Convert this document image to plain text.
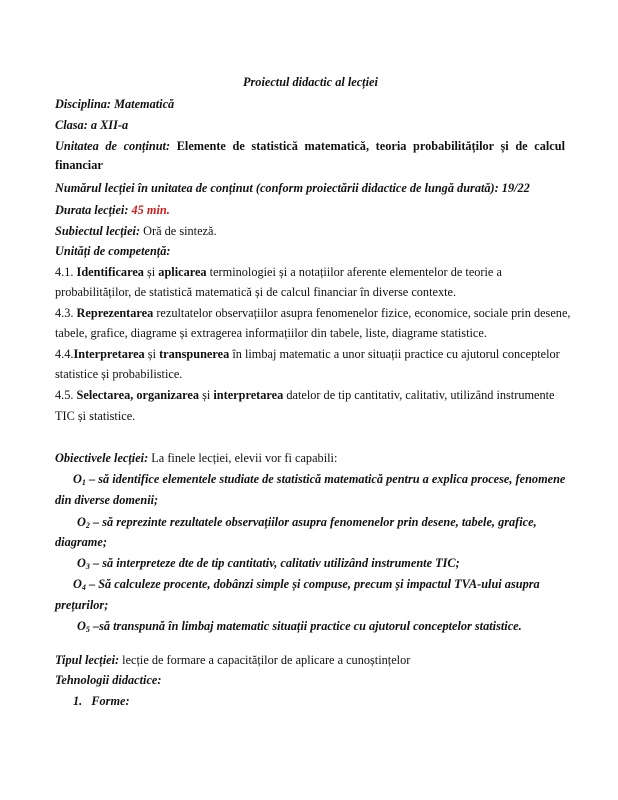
Proiectul didactic al lecției
Disciplina: Matematică
Clasa: a XII-a
Unitatea de conținut: Elemente de statistică matematică, teoria probabilităților și de calcul
financiar
Numărul lecției în unitatea de conținut (conform proiectării didactice de lungă durată): 19/22
Durata lecției: 45 min.
Subiectul lecției: Oră de sinteză.
Unități de competență:
4.1. Identificarea și aplicarea terminologiei și a notațiilor aferente elementelor de teorie a
probabilităților, de statistică matematică și de calcul financiar în diverse contexte.
4.3. Reprezentarea rezultatelor observațiilor asupra fenomenelor fizice, economice, sociale prin desene,
tabele, grafice, diagrame și extragerea informațiilor din tabele, liste, diagrame statistice.
4.4.Interpretarea și transpunerea în limbaj matematic a unor situații practice cu ajutorul conceptelor
statistice și probabilistice.
4.5. Selectarea, organizarea și interpretarea datelor de tip cantitativ, calitativ, utilizând instrumente
TIC și statistice.
Obiectivele lecției: La finele lecției, elevii vor fi capabili:
$O_1$ – să identifice elementele studiate de statistică matematică pentru a explica procese, fenomene
din diverse domenii;
$O_2$ – să reprezinte rezultatele observațiilor asupra fenomenelor prin desene, tabele, grafice,
diagrame;
$O_3$ – să interpreteze dte de tip cantitativ, calitativ utilizând instrumente TIC;
$O_4$ – Să calculeze procente, dobânzi simple și compuse, precum și impactul TVA-ului asupra
prețurilor;
$O_5$ –să transpună în limbaj matematic situații practice cu ajutorul conceptelor statistice.
Tipul lecției: lecție de formare a capacităților de aplicare a cunoștințelor
Tehnologii didactice:
1. Forme:
